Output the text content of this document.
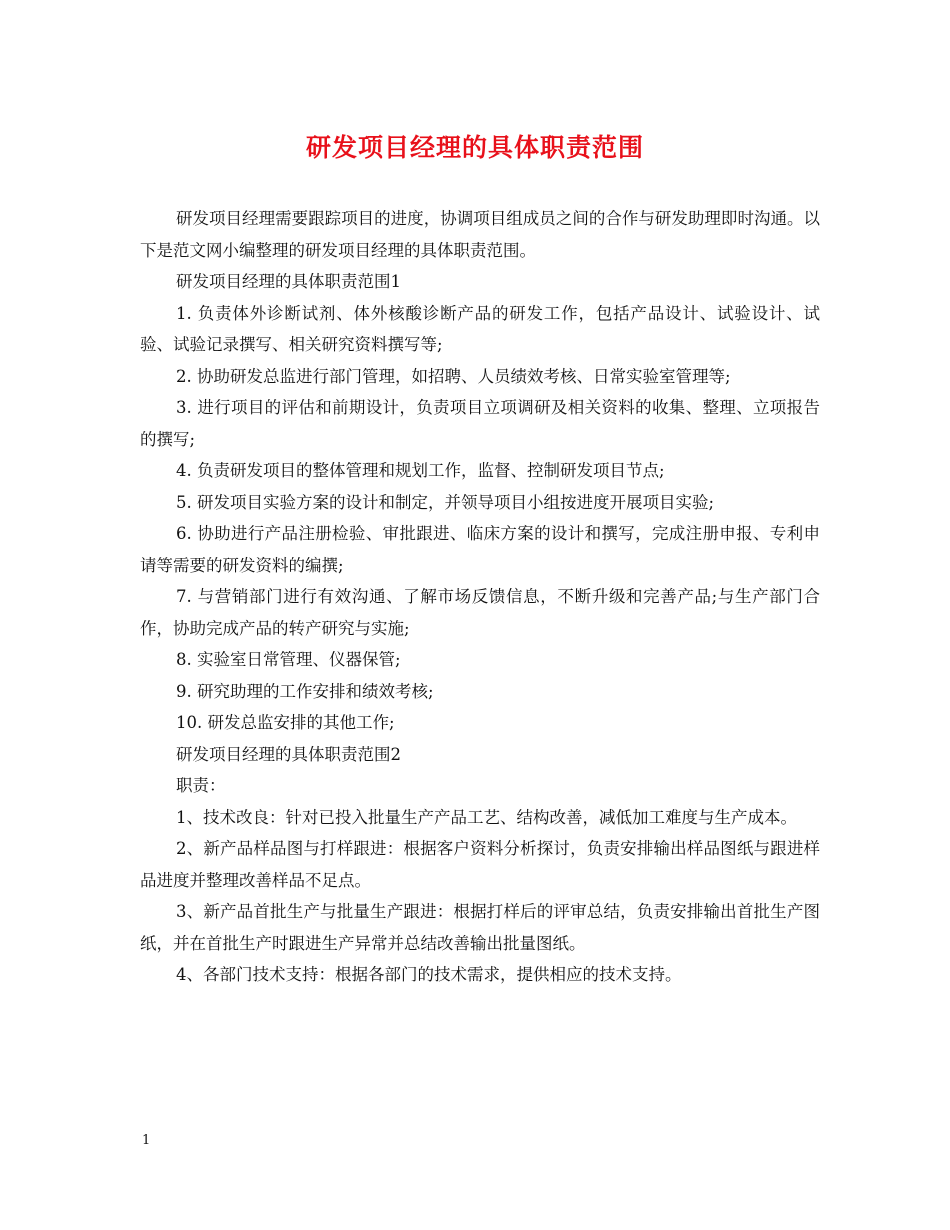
研发项目经理的具体职责范围

研发项目经理需要跟踪项目的进度，协调项目组成员之间的合作与研发助理即时沟通。以下是范文网小编整理的研发项目经理的具体职责范围。

研发项目经理的具体职责范围1

1. 负责体外诊断试剂、体外核酸诊断产品的研发工作，包括产品设计、试验设计、试验、试验记录撰写、相关研究资料撰写等;

2. 协助研发总监进行部门管理，如招聘、人员绩效考核、日常实验室管理等;

3. 进行项目的评估和前期设计，负责项目立项调研及相关资料的收集、整理、立项报告的撰写;

4. 负责研发项目的整体管理和规划工作，监督、控制研发项目节点;

5. 研发项目实验方案的设计和制定，并领导项目小组按进度开展项目实验;

6. 协助进行产品注册检验、审批跟进、临床方案的设计和撰写，完成注册申报、专利申请等需要的研发资料的编撰;

7. 与营销部门进行有效沟通、了解市场反馈信息，不断升级和完善产品;与生产部门合作，协助完成产品的转产研究与实施;

8. 实验室日常管理、仪器保管;

9. 研究助理的工作安排和绩效考核;

10. 研发总监安排的其他工作;

研发项目经理的具体职责范围2

职责：

1、技术改良：针对已投入批量生产产品工艺、结构改善，减低加工难度与生产成本。

2、新产品样品图与打样跟进：根据客户资料分析探讨，负责安排输出样品图纸与跟进样品进度并整理改善样品不足点。

3、新产品首批生产与批量生产跟进：根据打样后的评审总结，负责安排输出首批生产图纸，并在首批生产时跟进生产异常并总结改善输出批量图纸。

4、各部门技术支持：根据各部门的技术需求，提供相应的技术支持。

1
